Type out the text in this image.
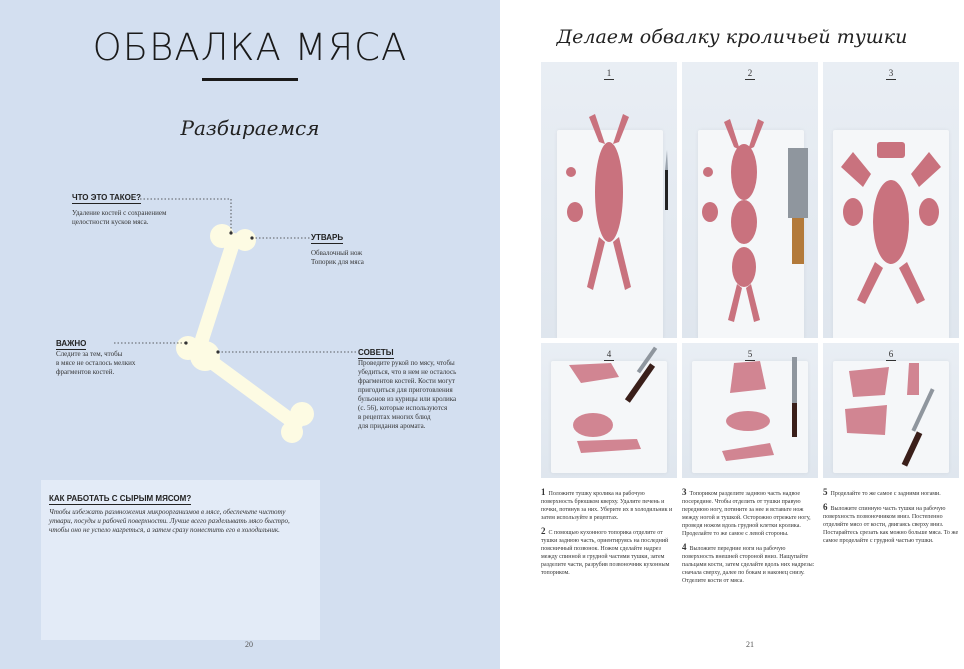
ОБВАЛКА МЯСА
Разбираемся
ЧТО ЭТО ТАКОЕ?
Удаление костей с сохранением
целостности кусков мяса.
УТВАРЬ
Обвалочный нож
Топорик для мяса
ВАЖНО
Следите за тем, чтобы
в мясе не осталось мелких
фрагментов костей.
СОВЕТЫ
Проведите рукой по мясу, чтобы
убедиться, что в нем не осталось
фрагментов костей. Кости могут
пригодиться для приготовления
бульонов из курицы или кролика
(с. 56), которые используются
в рецептах многих блюд
для придания аромата.
КАК РАБОТАТЬ С СЫРЫМ МЯСОМ?
Чтобы избежать размножения микроорганизмов в мясе, обеспечьте чистоту
утвари, посуды и рабочей поверхности. Лучше всего разделывать мясо быстро,
чтобы оно не успело нагреться, а затем сразу поместить его в холодильник.
20
Делаем обвалку кроличьей тушки
1	2	3
4	5	6
1 Положите тушку кролика на рабочую поверхность брюшком кверху. Удалите печень и почки, потянув за них. Уберите их в холодильник и затем используйте в рецептах.
2 С помощью кухонного топорика отделите от тушки заднюю часть, ориентируясь на последний поясничный позвонок. Ножом сделайте надрез между спинной и грудной частями тушки, затем разделите части, разрубив позвоночник кухонным топориком.
3 Топориком разделите заднюю часть надвое посередине. Чтобы отделить от тушки правую переднюю ногу, потяните за нее и вставьте нож между ногой и тушкой. Осторожно отрежьте ногу, проведя ножом вдоль грудной клетки кролика. Проделайте то же самое с левой стороны.
4 Выложите передние ноги на рабочую поверхность внешней стороной вниз. Нащупайте пальцами кости, затем сделайте вдоль них надрезы: сначала сверху, далее по бокам и наконец снизу. Отделите кости от мяса.
5 Проделайте то же самое с задними ногами.
6 Выложите спинную часть тушки на рабочую поверхность позвоночником вниз. Постепенно отделяйте мясо от кости, двигаясь сверху вниз. Постарайтесь срезать как можно больше мяса. То же самое проделайте с грудной частью тушки.
21
